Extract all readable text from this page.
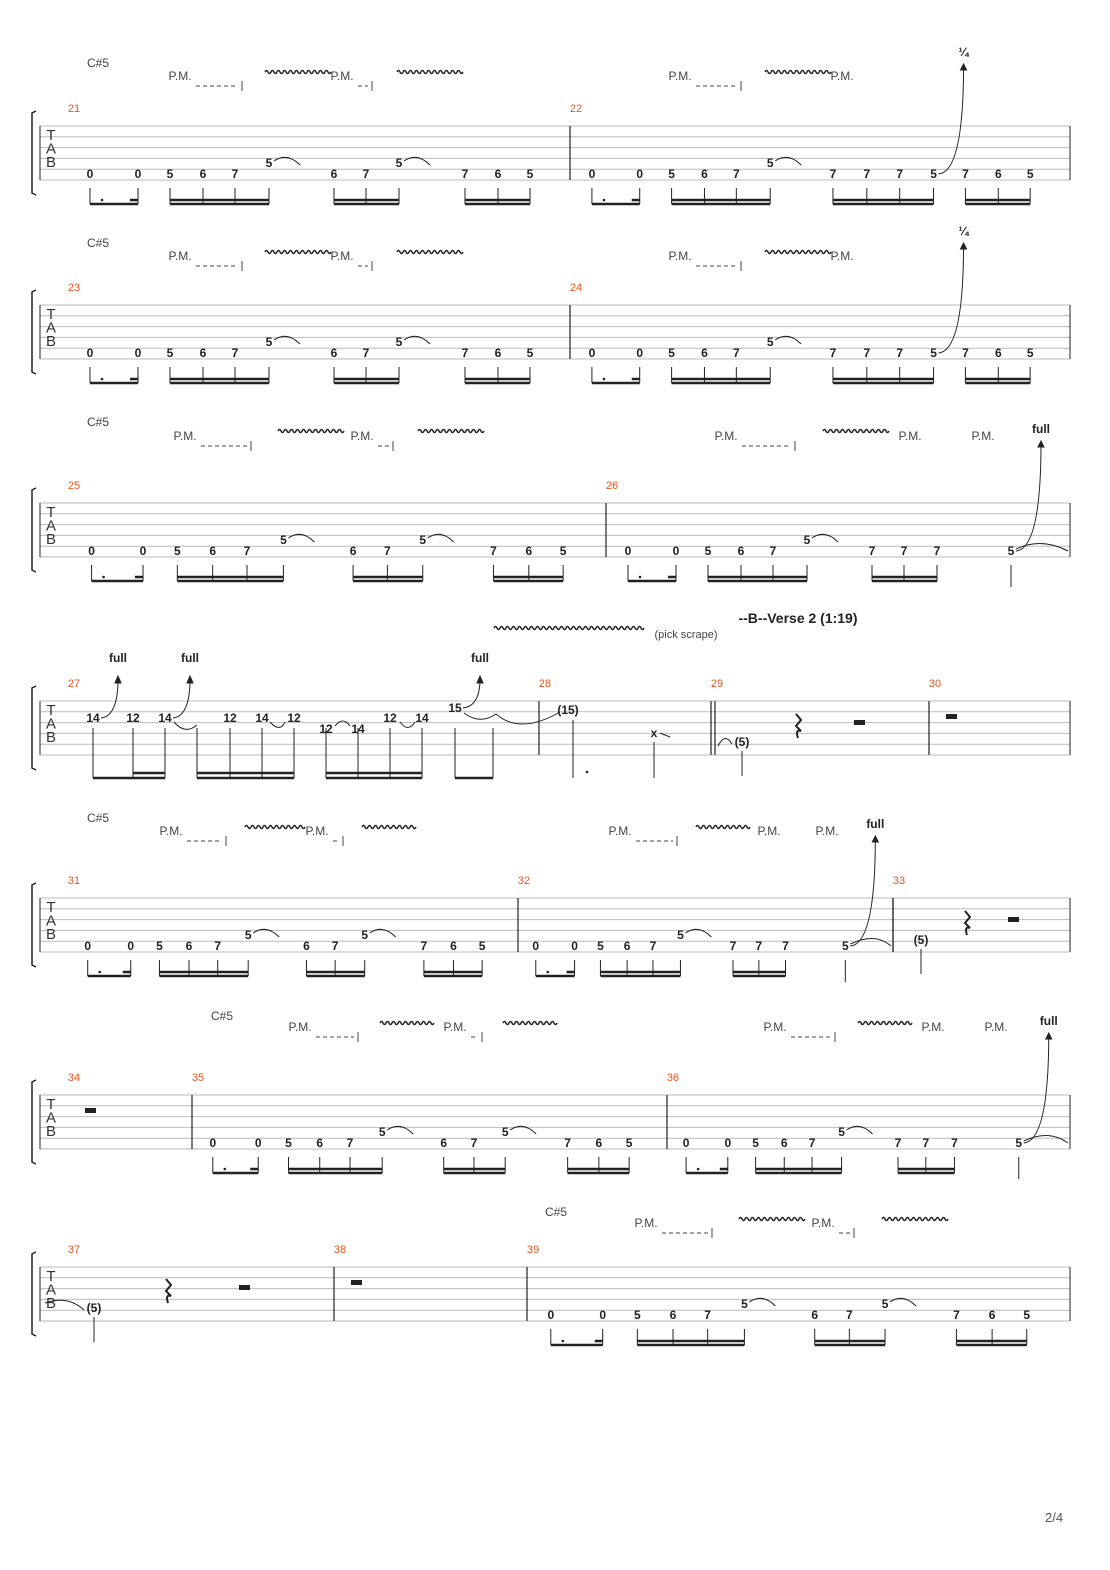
T
A
B
C#5
P.M.	P.M.	P.M.	P.M.
21
0	0 5 6 7
5
6 7
5
7 6 5
22
0	0 5 6 7
5
7 7 7 5
¼
7 6 5
T
A
B
C#5
P.M.	P.M.	P.M.	P.M.
23
0	0 5 6 7
5
6 7
5
7 6 5
24
0	0 5 6 7
5
7 7 7 5
¼
7 6 5
T
A
B
C#5
P.M.	P.M.	P.M.	P.M.	P.M.
25
0	0 5 6 7
5
6 7
5
7 6 5
26
0	0 5 6 7
5
7 7 7	5
full
T
A
B
27
14
full
12 14
full
12 14 12
12 14
12 14
15
full
28
(15)
x
29
(5)
30
--B--Verse 2 (1:19)
(pick scrape)
T
A
B
C#5
P.M.	P.M.	P.M.	P.M.	P.M.
31
0	0 5 6 7
5
6 7
5
7 6 5
32
0	0 5 6 7
5
7 7 7	5
full
33
(5)
T
A
B
C#5
P.M.	P.M.	P.M.	P.M.	P.M.
34	35
0	0 5 6 7
5
6 7
5
7 6 5
36
0	0 5 6 7
5
7 7 7	5
full
T
A
B
C#5
P.M.	P.M.
37
(5)
38	39
0	0 5 6 7
5
6 7
5
7 6 5
2/4
